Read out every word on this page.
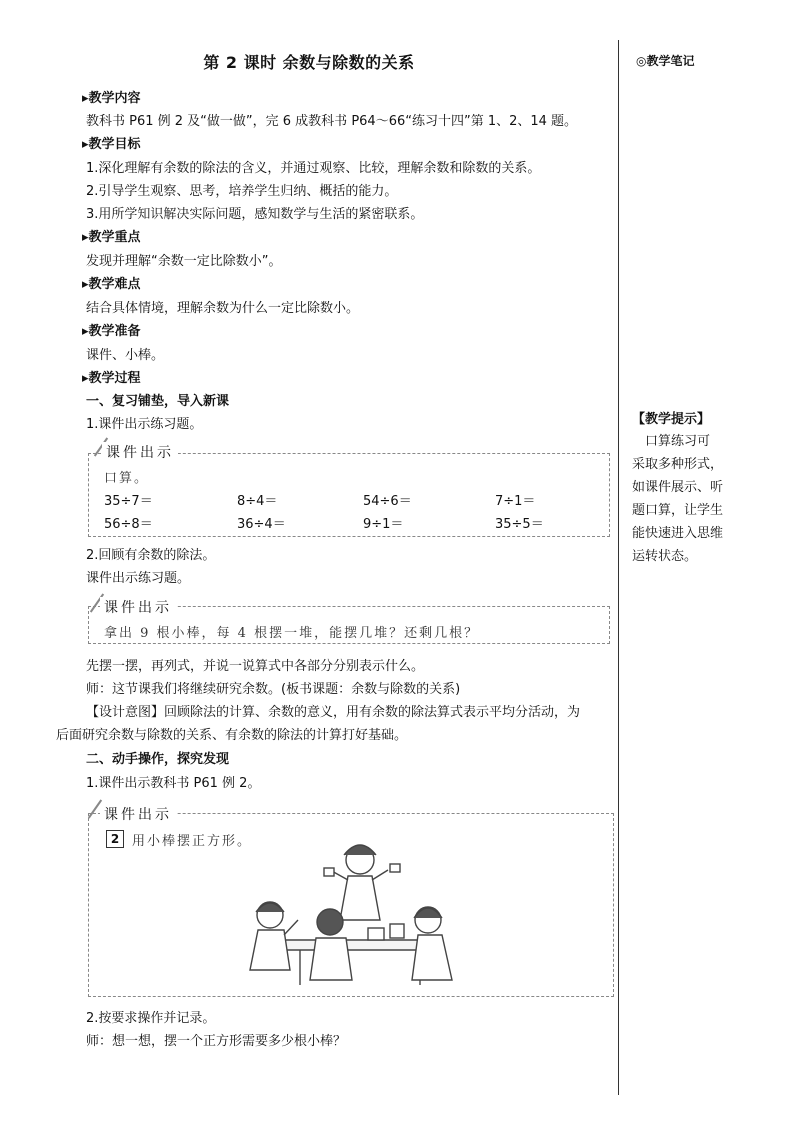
第 2 课时 余数与除数的关系	◎教学笔记
【教学提示】

　口算练习可

采取多种形式，

如课件展示、听

题口算，让学生

能快速进入思维

运转状态。

▸教学内容
教科书 P61 例 2 及“做一做”，完 6 成教科书 P64～66“练习十四”第 1、2、14 题。
▸教学目标
1.深化理解有余数的除法的含义，并通过观察、比较，理解余数和除数的关系。
2.引导学生观察、思考，培养学生归纳、概括的能力。
3.用所学知识解决实际问题，感知数学与生活的紧密联系。
▸教学重点
发现并理解“余数一定比除数小”。
▸教学难点
结合具体情境，理解余数为什么一定比除数小。
▸教学准备
课件、小棒。
▸教学过程
一、复习铺垫，导入新课
1.课件出示练习题。
课件出示
口算。
35÷7＝	8÷4＝	54÷6＝	7÷1＝
56÷8＝	36÷4＝	9÷1＝	35÷5＝
2.回顾有余数的除法。
课件出示练习题。
课件出示
拿出 9 根小棒，每 4 根摆一堆，能摆几堆？还剩几根？
先摆一摆，再列式，并说一说算式中各部分分别表示什么。
师：这节课我们将继续研究余数。(板书课题：余数与除数的关系)
【设计意图】回顾除法的计算、余数的意义，用有余数的除法算式表示平均分活动，为
后面研究余数与除数的关系、有余数的除法的计算打好基础。
二、动手操作，探究发现
1.课件出示教科书 P61 例 2。
课件出示
2 用小棒摆正方形。
2.按要求操作并记录。
师：想一想，摆一个正方形需要多少根小棒？
